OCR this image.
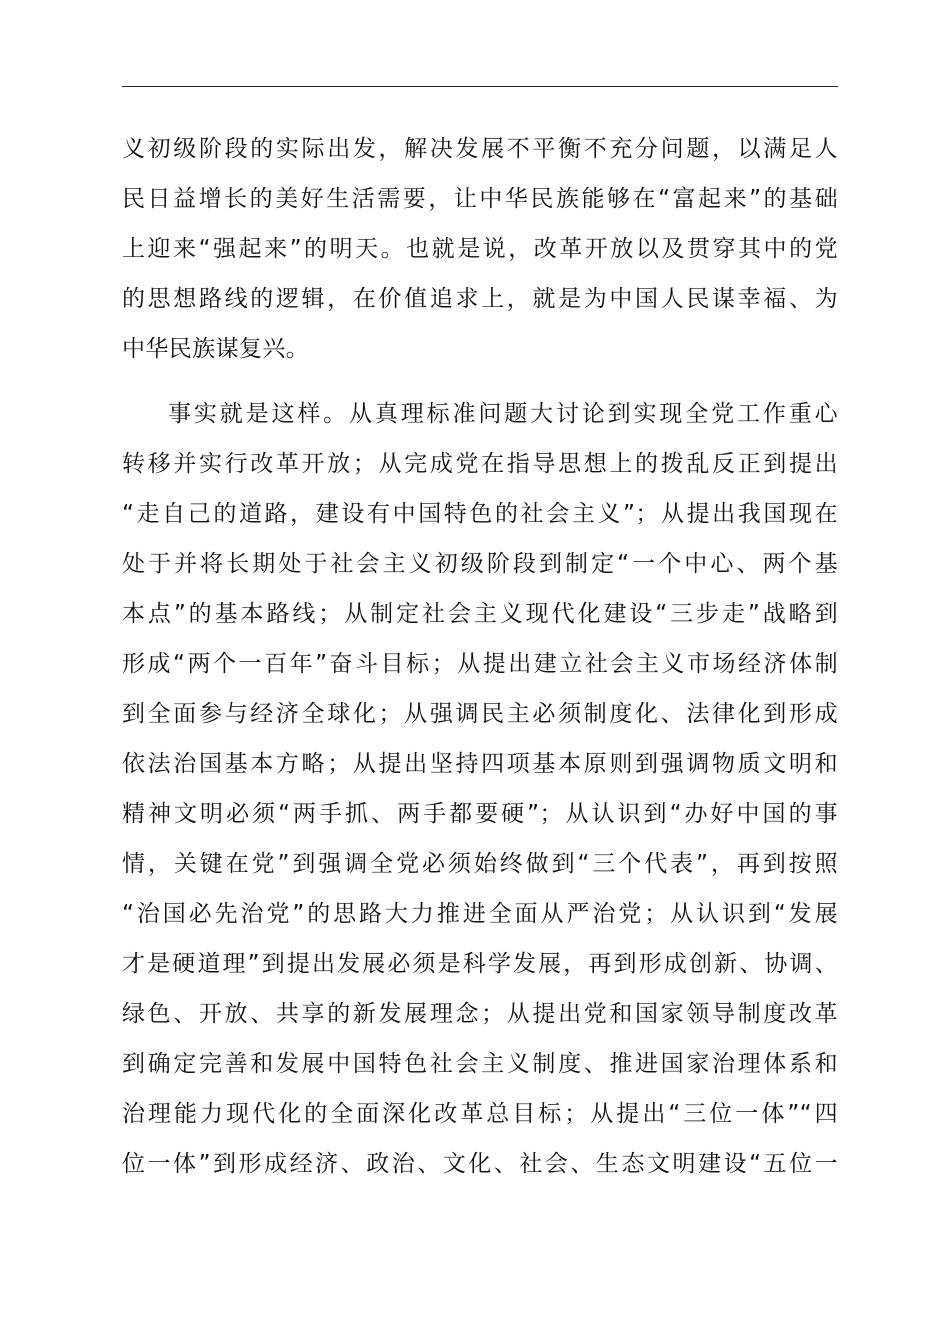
义初级阶段的实际出发，解决发展不平衡不充分问题，以满足人
民日益增长的美好生活需要，让中华民族能够在“富起来”的基础
上迎来“强起来”的明天。也就是说，改革开放以及贯穿其中的党
的思想路线的逻辑，在价值追求上，就是为中国人民谋幸福、为
中华民族谋复兴。
事实就是这样。从真理标准问题大讨论到实现全党工作重心
转移并实行改革开放；从完成党在指导思想上的拨乱反正到提出
“走自己的道路，建设有中国特色的社会主义”；从提出我国现在
处于并将长期处于社会主义初级阶段到制定“一个中心、两个基
本点”的基本路线；从制定社会主义现代化建设“三步走”战略到
形成“两个一百年”奋斗目标；从提出建立社会主义市场经济体制
到全面参与经济全球化；从强调民主必须制度化、法律化到形成
依法治国基本方略；从提出坚持四项基本原则到强调物质文明和
精神文明必须“两手抓、两手都要硬”；从认识到“办好中国的事
情，关键在党”到强调全党必须始终做到“三个代表”，再到按照
“治国必先治党”的思路大力推进全面从严治党；从认识到“发展
才是硬道理”到提出发展必须是科学发展，再到形成创新、协调、
绿色、开放、共享的新发展理念；从提出党和国家领导制度改革
到确定完善和发展中国特色社会主义制度、推进国家治理体系和
治理能力现代化的全面深化改革总目标；从提出“三位一体”“四
位一体”到形成经济、政治、文化、社会、生态文明建设“五位一
